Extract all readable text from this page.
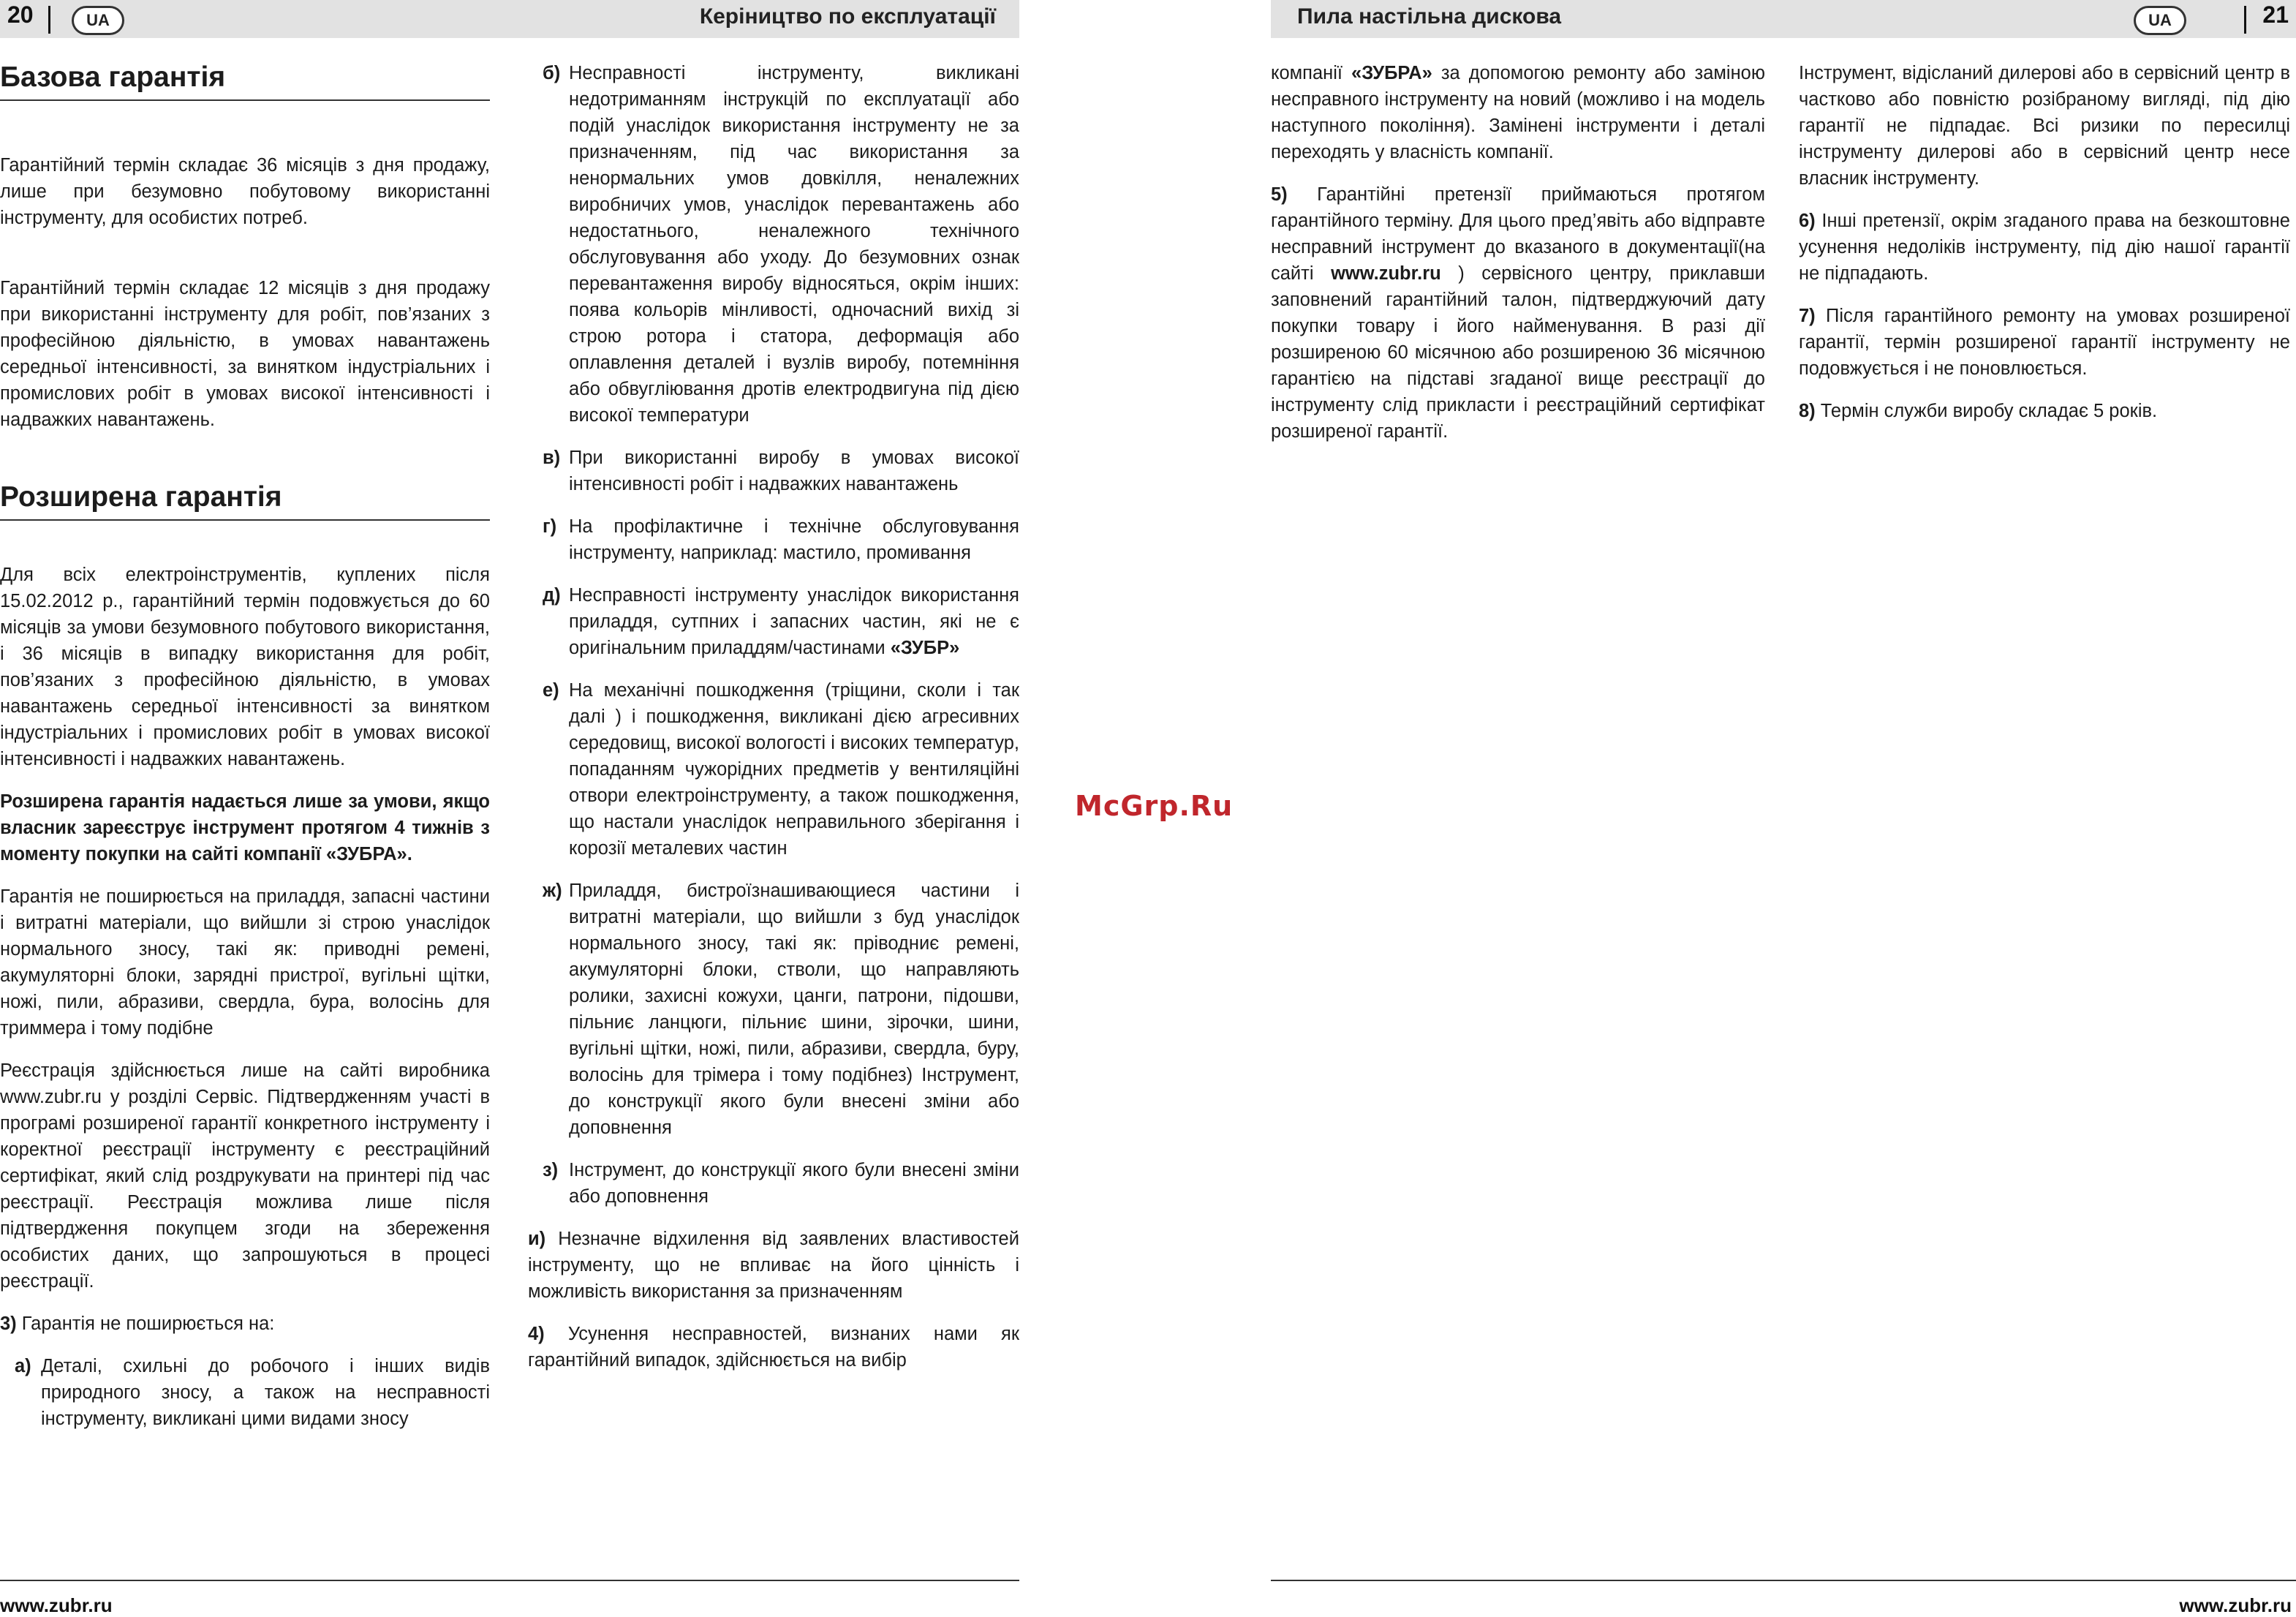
20	UA	Керіництво по експлуатації	Пила настільна дискова	UA	21
Базова гарантія

Гарантійний термін складає 36 місяців з дня продажу, лише при безумовно побутовому використанні інструменту, для особистих потреб.

Гарантійний термін складає 12 місяців з дня продажу при використанні інструменту для робіт, пов’язаних з професійною діяльністю, в умовах навантажень середньої інтенсивності, за винятком індустріальних і промислових робіт в умовах високої інтенсивності і надважких навантажень.

Розширена гарантія

Для всіх електроінструментів, куплених після 15.02.2012 р., гарантійний термін подовжується до 60 місяців за умови безумовного побутового використання, і 36 місяців в випадку використання для робіт, пов’язаних з професійною діяльністю, в умовах навантажень середньої інтенсивності за винятком індустріальних і промислових робіт в умовах високої інтенсивності і надважких навантажень.

Розширена гарантія надається лише за умови, якщо власник зареєструє інструмент протягом 4 тижнів з моменту покупки на сайті компанії «ЗУБРА».

Гарантія не поширюється на приладдя, запасні частини і витратні матеріали, що вийшли зі строю унаслідок нормального зносу, такі як: приводні ремені, акумуляторні блоки, зарядні пристрої, вугільні щітки, ножі, пили, абразиви, свердла, бура, волосінь для триммера і тому подібне

Реєстрація здійснюється лише на сайті виробника www.zubr.ru у розділі Сервіс. Підтвердженням участі в програмі розширеної гарантії конкретного інструменту і коректної реєстрації інструменту є реєстраційний сертифікат, який слід роздрукувати на принтері під час реєстрації. Реєстрація можлива лише після підтвердження покупцем згоди на збереження особистих даних, що запрошуються в процесі реєстрації.

3) Гарантія не поширюється на:

а) Деталі, схильні до робочого і інших видів природного зносу, а також на несправності інструменту, викликані цими видами зносу
б) Несправності інструменту, викликані недотриманням інструкцій по експлуатації або подій унаслідок використання інструменту не за призначенням, під час використання за ненормальних умов довкілля, неналежних виробничих умов, унаслідок перевантажень або недостатнього, неналежного технічного обслуговування або уходу. До безумовних ознак перевантаження виробу відносяться, окрім інших: поява кольорів мінливості, одночасний вихід зі строю ротора і статора, деформація або оплавлення деталей і вузлів виробу, потемніння або обвугліювання дротів електродвигуна під дією високої температури
в) При використанні виробу в умовах високої інтенсивності робіт і надважких навантажень
г) На профілактичне і технічне обслуговування інструменту, наприклад: мастило, промивання
д) Несправності інструменту унаслідок використання приладдя, сутпних і запасних частин, які не є оригінальним приладдям/частинами «ЗУБР»
е) На механічні пошкодження (тріщини, сколи і так далі ) і пошкодження, викликані дією агресивних середовищ, високої вологості і високих температур, попаданням чужорідних предметів у вентиляційні отвори електроінструменту, а також пошкодження, що настали унаслідок неправильного зберігання і корозії металевих частин
ж) Приладдя, бистроїзнашивающиеся частини і витратні матеріали, що вийшли з буд унаслідок нормального зносу, такі як: пріводниє ремені, акумуляторні блоки, стволи, що направляють ролики, захисні кожухи, цанги, патрони, підошви, пільниє ланцюги, пільниє шини, зірочки, шини, вугільні щітки, ножі, пили, абразиви, свердла, буру, волосінь для трімера і тому подібнез) Інструмент, до конструкції якого були внесені зміни або доповнення
з) Інструмент, до конструкції якого були внесені зміни або доповнення

и) Незначне відхилення від заявлених властивостей інструменту, що не впливає на його цінність і можливість використання за призначенням

4) Усунення несправностей, визнаних нами як гарантійний випадок, здійснюється на вибір

компанії «ЗУБРА» за допомогою ремонту або заміною несправного інструменту на новий (можливо і на модель наступного покоління). Замінені інструменти і деталі переходять у власність компанії.

5) Гарантійні претензії приймаються протягом гарантійного терміну. Для цього пред’явіть або відправте несправний інструмент до вказаного в документації(на сайті www.zubr.ru ) сервісного центру, приклавши заповнений гарантійний талон, підтверджуючий дату покупки товару і його найменування. В разі дії розширеною 60 місячною або розширеною 36 місячною гарантією на підставі згаданої вище реєстрації до інструменту слід прикласти і реєстраційний сертифікат розширеної гарантії.

Інструмент, відісланий дилерові або в сервісний центр в частково або повністю розібраному вигляді, під дію гарантії не підпадає. Всі ризики по пересилці інструменту дилерові або в сервісний центр несе власник інструменту.

6) Інші претензії, окрім згаданого права на безкоштовне усунення недоліків інструменту, під дію нашої гарантії не підпадають.

7) Після гарантійного ремонту на умовах розширеної гарантії, термін розширеної гарантії інструменту не подовжується і не поновлюється.

8) Термін служби виробу складає 5 років.

McGrp.Ru
www.zubr.ru	www.zubr.ru
